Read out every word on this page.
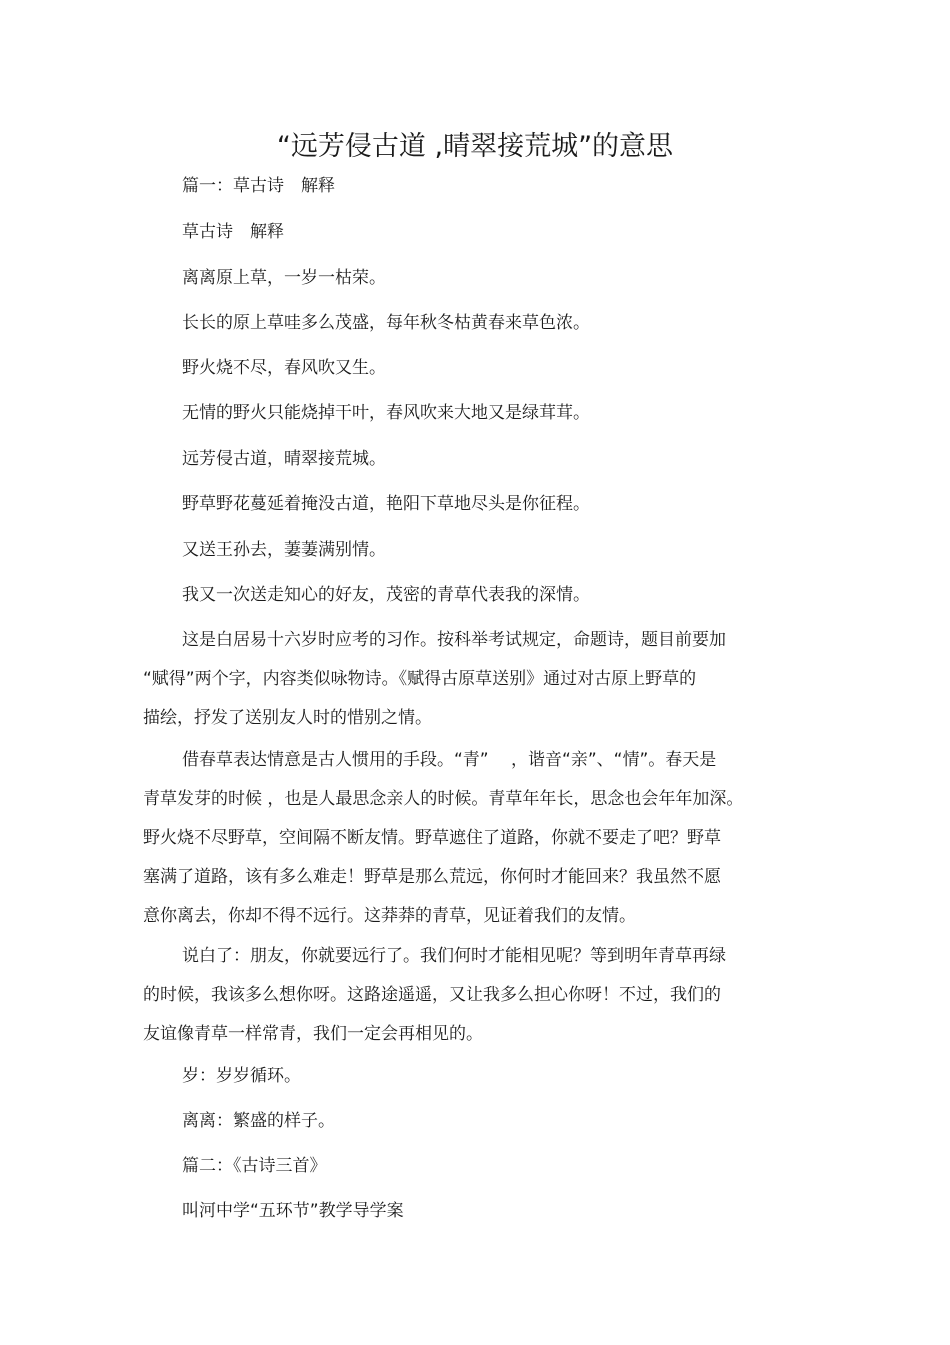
“远芳侵古道 ,晴翠接荒城”的意思
篇一：草古诗　解释
草古诗　解释
离离原上草，一岁一枯荣。
长长的原上草哇多么茂盛，每年秋冬枯黄春来草色浓。
野火烧不尽，春风吹又生。
无情的野火只能烧掉干叶，春风吹来大地又是绿茸茸。
远芳侵古道，晴翠接荒城。
野草野花蔓延着掩没古道，艳阳下草地尽头是你征程。
又送王孙去，萋萋满别情。
我又一次送走知心的好友，茂密的青草代表我的深情。
这是白居易十六岁时应考的习作。按科举考试规定，命题诗，题目前要加
“赋得”两个字，内容类似咏物诗。《赋得古原草送别》通过对古原上野草的
描绘，抒发了送别友人时的惜别之情。
借春草表达情意是古人惯用的手段。“青”　 ，谐音“亲”、“情”。春天是
青草发芽的时候 ，也是人最思念亲人的时候。青草年年长，思念也会年年加深。
野火烧不尽野草，空间隔不断友情。野草遮住了道路，你就不要走了吧？野草
塞满了道路，该有多么难走！野草是那么荒远，你何时才能回来？我虽然不愿
意你离去，你却不得不远行。这莽莽的青草，见证着我们的友情。
说白了：朋友，你就要远行了。我们何时才能相见呢？等到明年青草再绿
的时候，我该多么想你呀。这路途遥遥，又让我多么担心你呀！不过，我们的
友谊像青草一样常青，我们一定会再相见的。
岁：岁岁循环。
离离：繁盛的样子。
篇二：《古诗三首》
叫河中学“五环节”教学导学案
